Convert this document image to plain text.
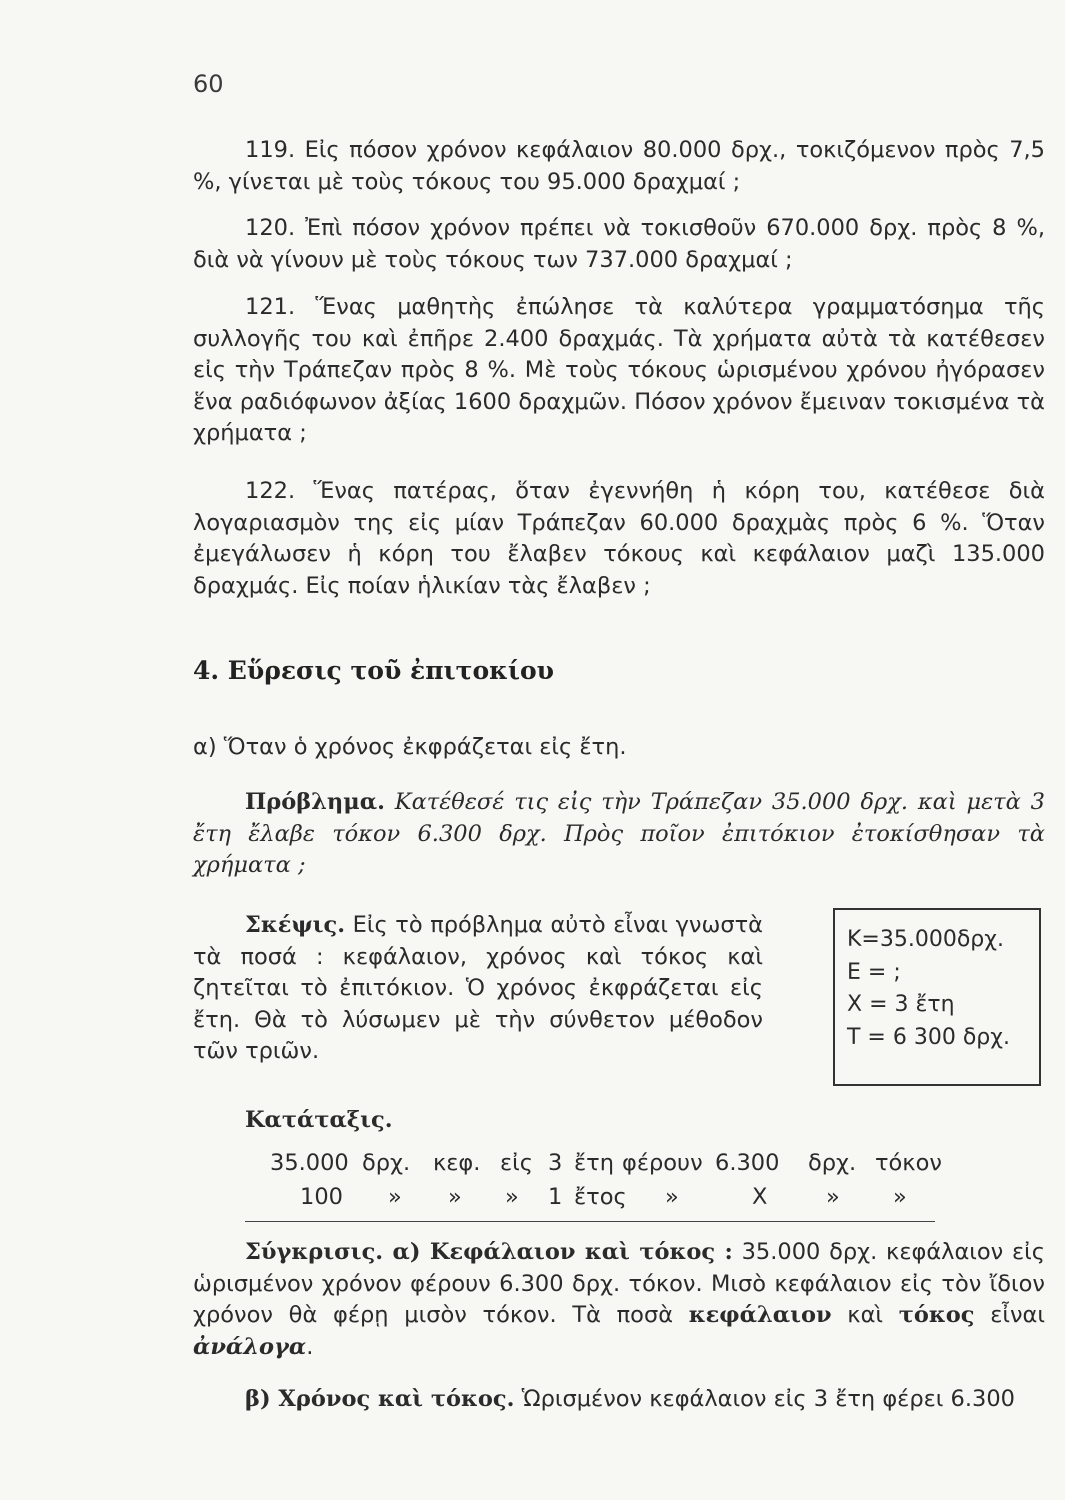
60
119. Εἰς πόσον χρόνον κεφάλαιον 80.000 δρχ., τοκιζόμενον πρὸς 7,5 %, γίνεται μὲ τοὺς τόκους του 95.000 δραχμαί ;
120. Ἐπὶ πόσον χρόνον πρέπει νὰ τοκισθοῦν 670.000 δρχ. πρὸς 8 %, διὰ νὰ γίνουν μὲ τοὺς τόκους των 737.000 δραχμαί ;
121. Ἕνας μαθητὴς ἐπώλησε τὰ καλύτερα γραμματόσημα τῆς συλλογῆς του καὶ ἐπῆρε 2.400 δραχμάς. Τὰ χρήματα αὐτὰ τὰ κατέθεσεν εἰς τὴν Τράπεζαν πρὸς 8 %. Μὲ τοὺς τόκους ὡρισμένου χρόνου ἠγόρασεν ἕνα ραδιόφωνον ἀξίας 1600 δραχμῶν. Πόσον χρόνον ἔμειναν τοκισμένα τὰ χρήματα ;
122. Ἕνας πατέρας, ὅταν ἐγεννήθη ἡ κόρη του, κατέθεσε διὰ λογαριασμὸν της εἰς μίαν Τράπεζαν 60.000 δραχμὰς πρὸς 6 %. Ὅταν ἐμεγάλωσεν ἡ κόρη του ἔλαβεν τόκους καὶ κεφάλαιον μαζὶ 135.000 δραχμάς. Εἰς ποίαν ἡλικίαν τὰς ἔλαβεν ;
4. Εὕρεσις τοῦ ἐπιτοκίου
α) Ὅταν ὁ χρόνος ἐκφράζεται εἰς ἔτη.
Πρόβλημα. Κατέθεσέ τις εἰς τὴν Τράπεζαν 35.000 δρχ. καὶ μετὰ 3 ἔτη ἔλαβε τόκον 6.300 δρχ. Πρὸς ποῖον ἐπιτόκιον ἐτοκίσθησαν τὰ χρήματα ;
Σκέψις. Εἰς τὸ πρόβλημα αὐτὸ εἶναι γνωστὰ τὰ ποσά : κεφάλαιον, χρόνος καὶ τόκος καὶ ζητεῖται τὸ ἐπιτόκιον. Ὁ χρόνος ἐκφράζεται εἰς ἔτη. Θὰ τὸ λύσωμεν μὲ τὴν σύνθετον μέθοδον τῶν τριῶν.
Κ=35.000δρχ.
Ε = ;
Χ = 3 ἔτη
Τ = 6 300 δρχ.
Κατάταξις.
35.000 δρχ. κεφ. εἰς 3 ἔτη φέρουν 6.300 δρχ. τόκον
100 » » » 1 ἔτος »	Χ	» »
Σύγκρισις. α) Κεφάλαιον καὶ τόκος : 35.000 δρχ. κεφάλαιον εἰς ὡρισμένον χρόνον φέρουν 6.300 δρχ. τόκον. Μισὸ κεφάλαιον εἰς τὸν ἴδιον χρόνον θὰ φέρῃ μισὸν τόκον. Τὰ ποσὰ κεφάλαιον καὶ τόκος εἶναι ἀνάλογα.
β) Χρόνος καὶ τόκος. Ὡρισμένον κεφάλαιον εἰς 3 ἔτη φέρει 6.300
